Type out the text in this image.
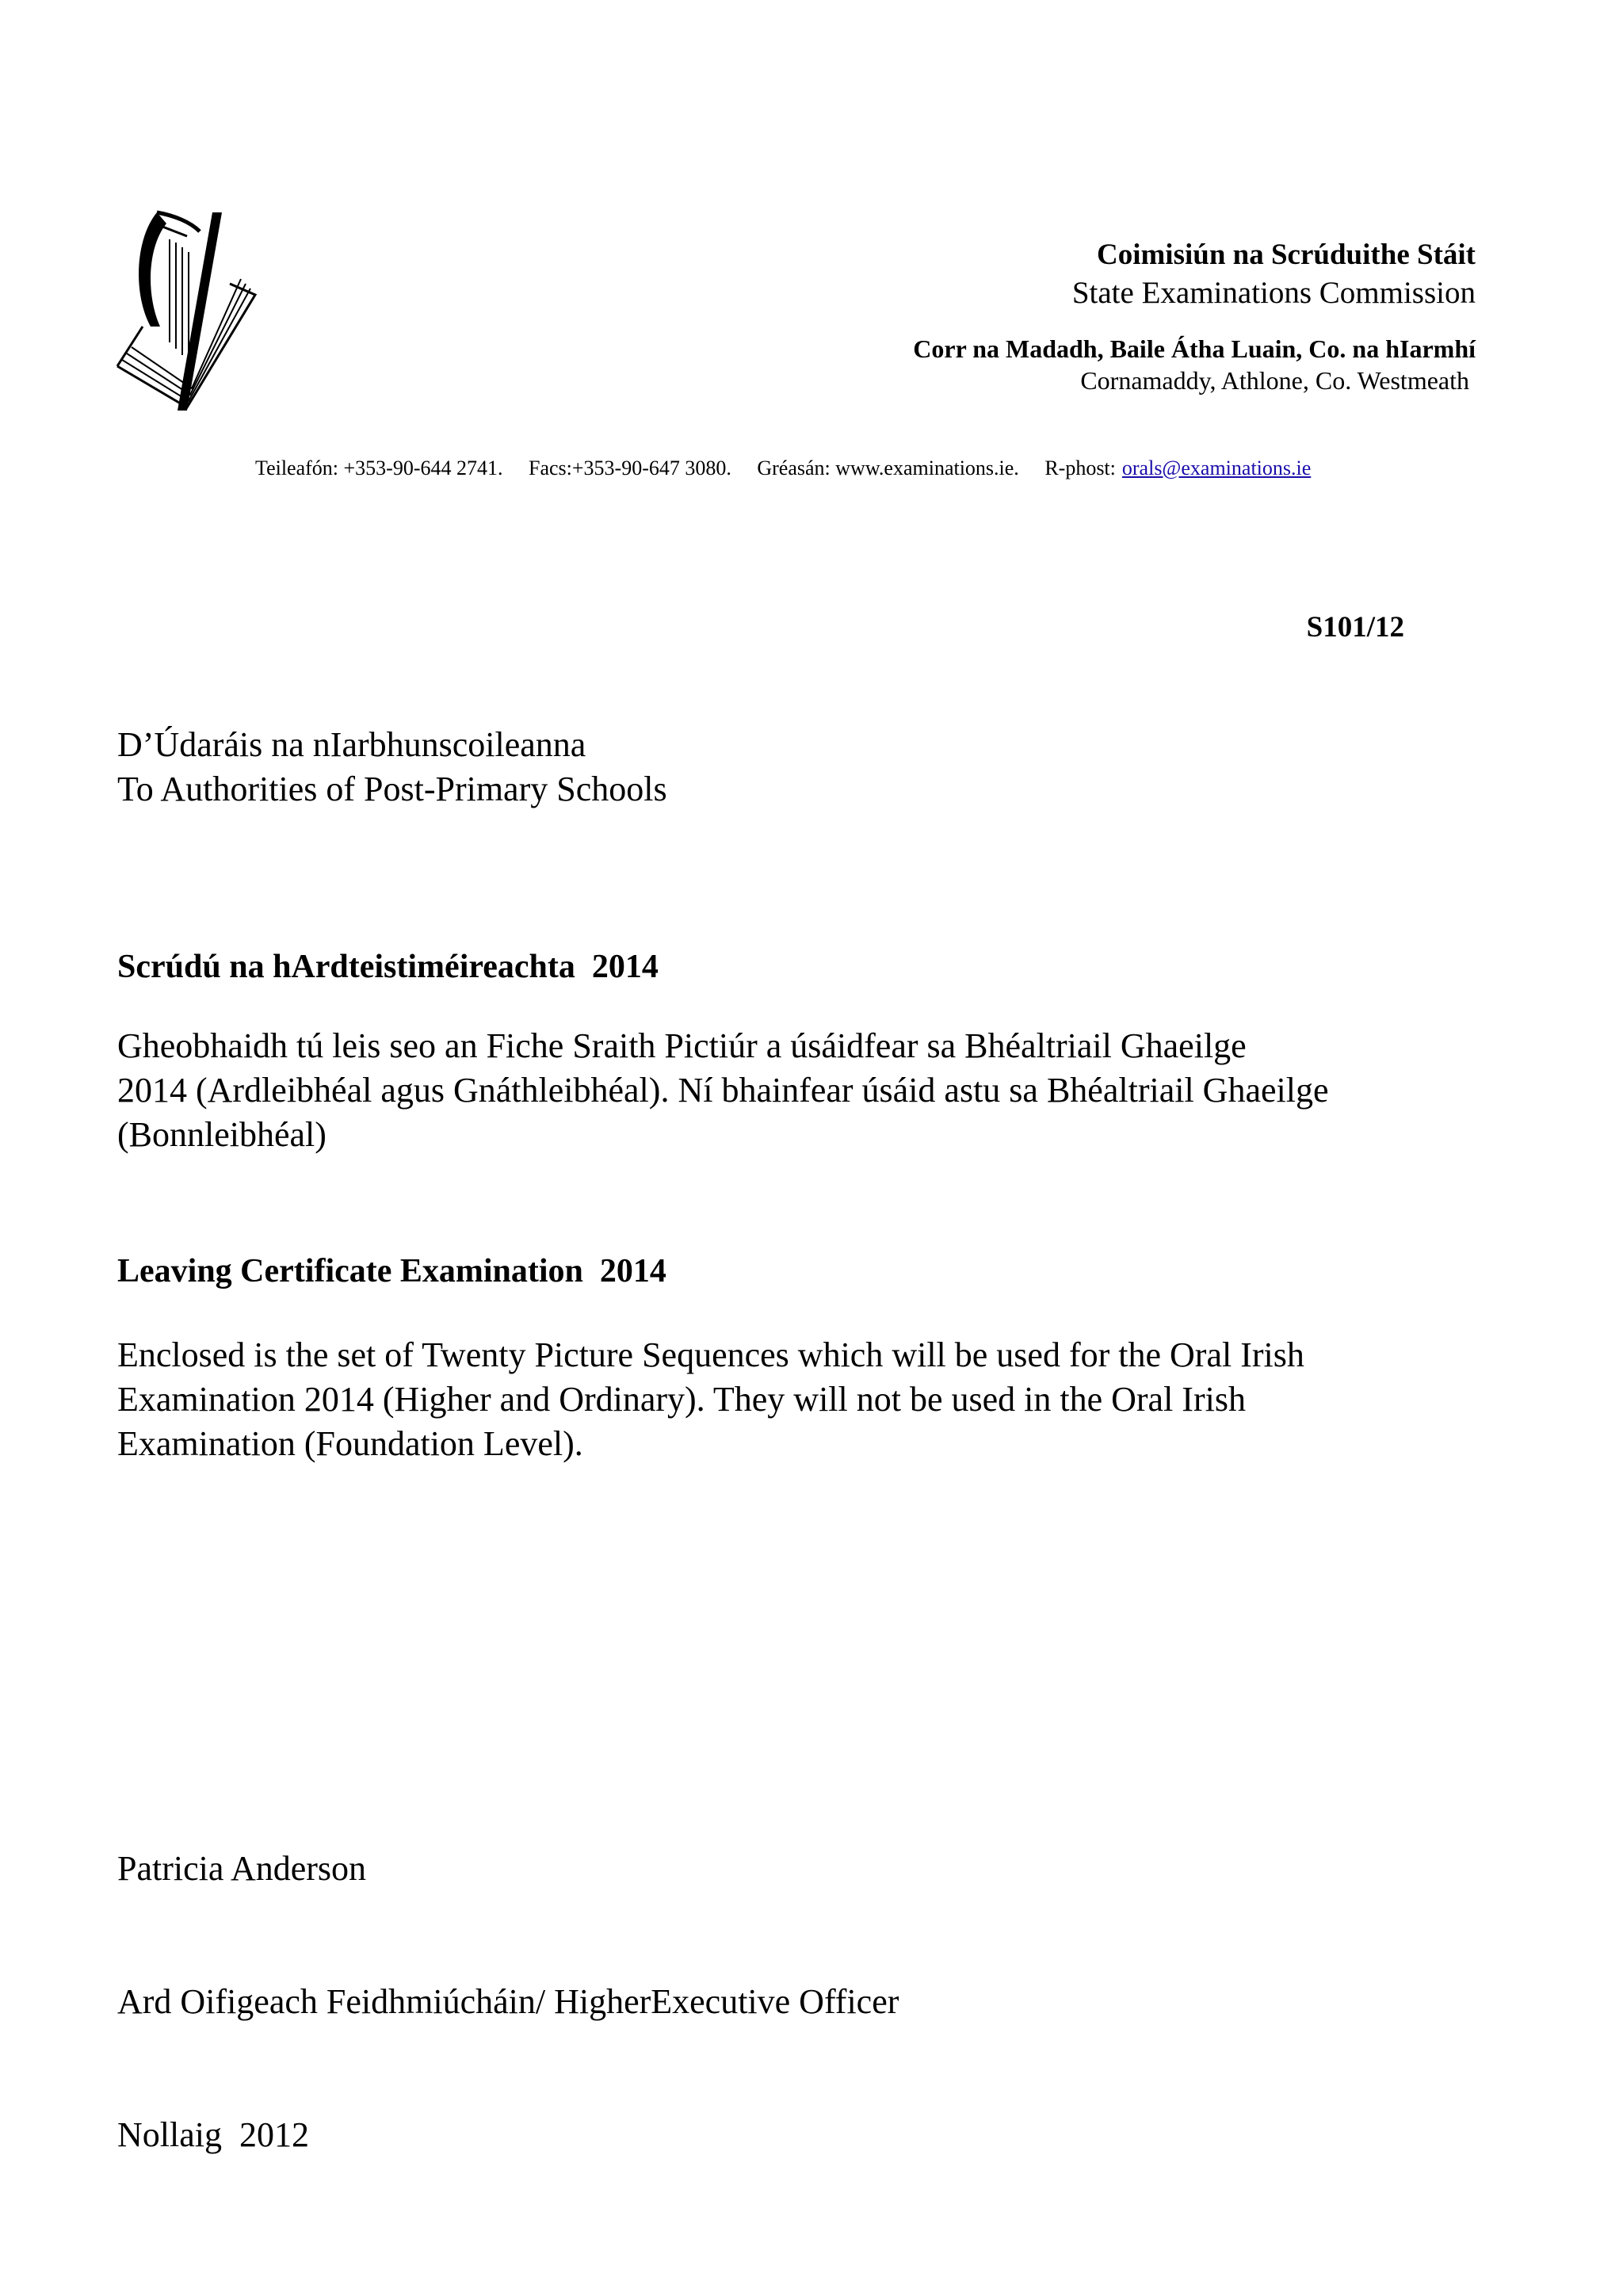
Coimisiún na Scrúduithe Stáit
State Examinations Commission
Corr na Madadh, Baile Átha Luain, Co. na hIarmhí
Cornamaddy, Athlone, Co. Westmeath
Teileafón: +353-90-644 2741. Facs:+353-90-647 3080. Gréasán: www.examinations.ie. R-phost: orals@examinations.ie
S101/12
D’Údaráis na nIarbhunscoileanna
To Authorities of Post-Primary Schools
Scrúdú na hArdteistiméireachta  2014
Gheobhaidh tú leis seo an Fiche Sraith Pictiúr a úsáidfear sa Bhéaltriail Ghaeilge
2014 (Ardleibhéal agus Gnáthleibhéal). Ní bhainfear úsáid astu sa Bhéaltriail Ghaeilge
(Bonnleibhéal)
Leaving Certificate Examination  2014
Enclosed is the set of Twenty Picture Sequences which will be used for the Oral Irish
Examination 2014 (Higher and Ordinary). They will not be used in the Oral Irish
Examination (Foundation Level).

Patricia Anderson

Ard Oifigeach Feidhmiúcháin/ HigherExecutive Officer

Nollaig  2012
